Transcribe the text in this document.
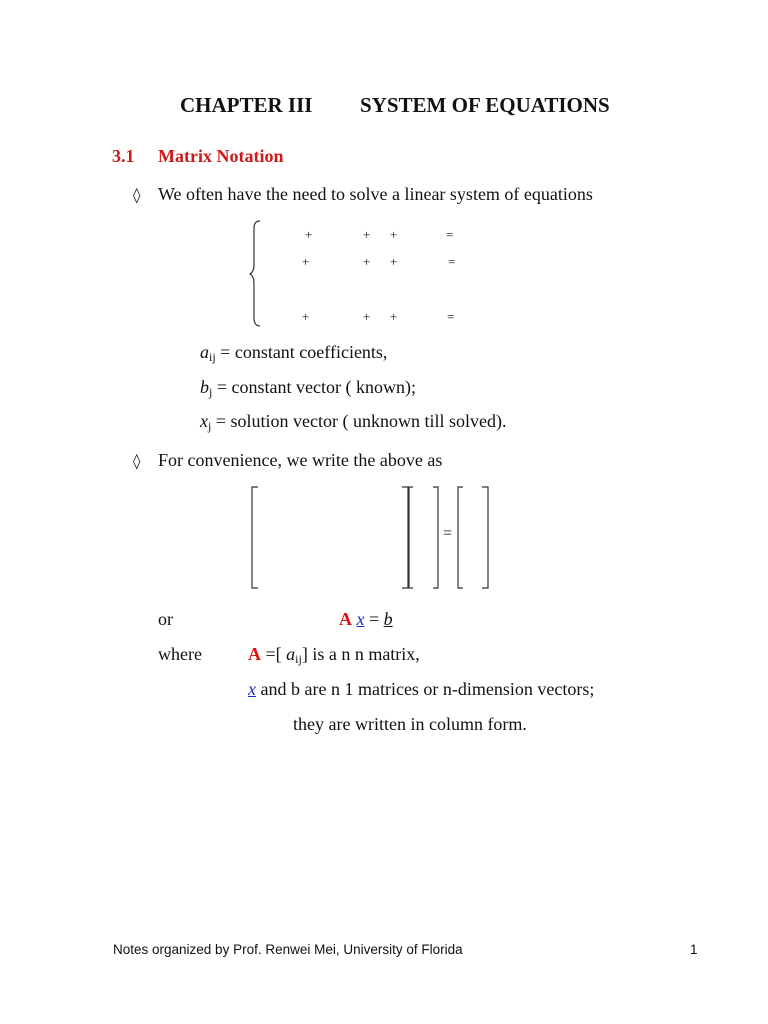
CHAPTER III SYSTEM OF EQUATIONS
3.1 Matrix Notation
◊ We often have the need to solve a linear system of equations
+	+ +	=
+	+ +	=
+	+ +	=
$a_{ij}$ = constant coefficients,
$b_j$ = constant vector ( known);
$x_j$ = solution vector ( unknown till solved).
◊ For convenience, we write the above as
=
or	A x = b
where	A =[ $a_{ij}$] is a n n matrix,
x and b are n 1 matrices or n-dimension vectors;
they are written in column form.
Notes organized by Prof. Renwei Mei, University of Florida	1
